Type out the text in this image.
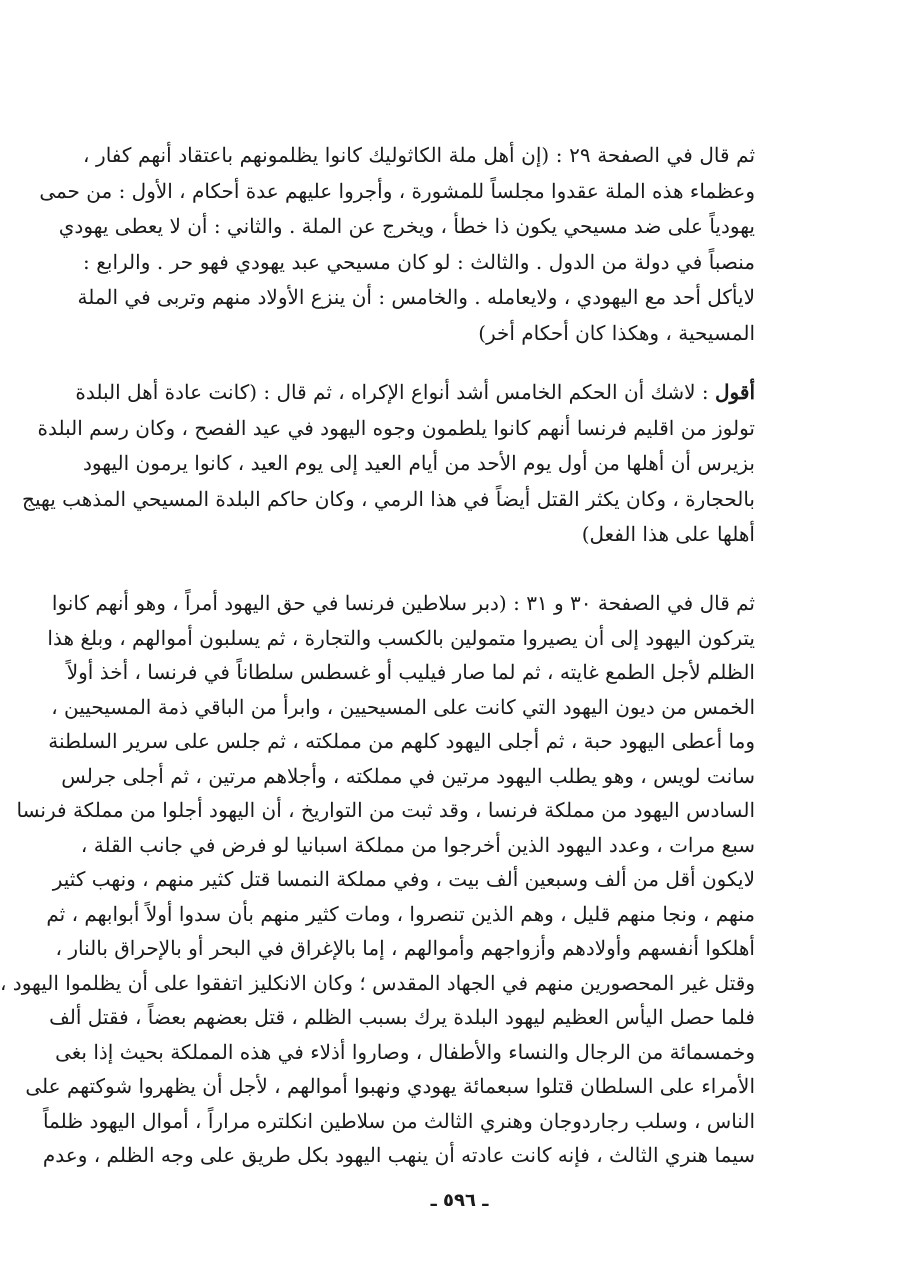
ثم قال في الصفحة ٢٩ : (إن أهل ملة الكاثوليك كانوا يظلمونهم باعتقاد أنهم كفار ،
وعظماء هذه الملة عقدوا مجلساً للمشورة ، وأجروا عليهم عدة أحكام ، الأول : من حمى
يهودياً على ضد مسيحي يكون ذا خطأ ، ويخرج عن الملة . والثاني : أن لا يعطى يهودي
منصباً في دولة من الدول . والثالث : لو كان مسيحي عبد يهودي فهو حر . والرابع :
لايأكل أحد مع اليهودي ، ولايعامله . والخامس : أن ينزع الأولاد منهم وتربى في الملة
المسيحية ، وهكذا كان أحكام أخر)
أقول : لاشك أن الحكم الخامس أشد أنواع الإكراه ، ثم قال : (كانت عادة أهل البلدة
تولوز من اقليم فرنسا أنهم كانوا يلطمون وجوه اليهود في عيد الفصح ، وكان رسم البلدة
بزيرس أن أهلها من أول يوم الأحد من أيام العيد إلى يوم العيد ، كانوا يرمون اليهود
بالحجارة ، وكان يكثر القتل أيضاً في هذا الرمي ، وكان حاكم البلدة المسيحي المذهب يهيج
أهلها على هذا الفعل)
ثم قال في الصفحة ٣٠ و ٣١ : (دبر سلاطين فرنسا في حق اليهود أمراً ، وهو أنهم كانوا
يتركون اليهود إلى أن يصيروا متمولين بالكسب والتجارة ، ثم يسلبون أموالهم ، وبلغ هذا
الظلم لأجل الطمع غايته ، ثم لما صار فيليب أو غسطس سلطاناً في فرنسا ، أخذ أولاً
الخمس من ديون اليهود التي كانت على المسيحيين ، وابرأ من الباقي ذمة المسيحيين ،
وما أعطى اليهود حبة ، ثم أجلى اليهود كلهم من مملكته ، ثم جلس على سرير السلطنة
سانت لويس ، وهو يطلب اليهود مرتين في مملكته ، وأجلاهم مرتين ، ثم أجلى جرلس
السادس اليهود من مملكة فرنسا ، وقد ثبت من التواريخ ، أن اليهود أجلوا من مملكة فرنسا
سبع مرات ، وعدد اليهود الذين أخرجوا من مملكة اسبانيا لو فرض في جانب القلة ،
لايكون أقل من ألف وسبعين ألف بيت ، وفي مملكة النمسا قتل كثير منهم ، ونهب كثير
منهم ، ونجا منهم قليل ، وهم الذين تنصروا ، ومات كثير منهم بأن سدوا أولاً أبوابهم ، ثم
أهلكوا أنفسهم وأولادهم وأزواجهم وأموالهم ، إما بالإغراق في البحر أو بالإحراق بالنار ،
وقتل غير المحصورين منهم في الجهاد المقدس ؛ وكان الانكليز اتفقوا على أن يظلموا اليهود ،
فلما حصل اليأس العظيم ليهود البلدة يرك بسبب الظلم ، قتل بعضهم بعضاً ، فقتل ألف
وخمسمائة من الرجال والنساء والأطفال ، وصاروا أذلاء في هذه المملكة بحيث إذا بغى
الأمراء على السلطان قتلوا سبعمائة يهودي ونهبوا أموالهم ، لأجل أن يظهروا شوكتهم على
الناس ، وسلب رجاردوجان وهنري الثالث من سلاطين انكلتره مراراً ، أموال اليهود ظلماً
سيما هنري الثالث ، فإنه كانت عادته أن ينهب اليهود بكل طريق على وجه الظلم ، وعدم
ـ ٥٩٦ ـ
